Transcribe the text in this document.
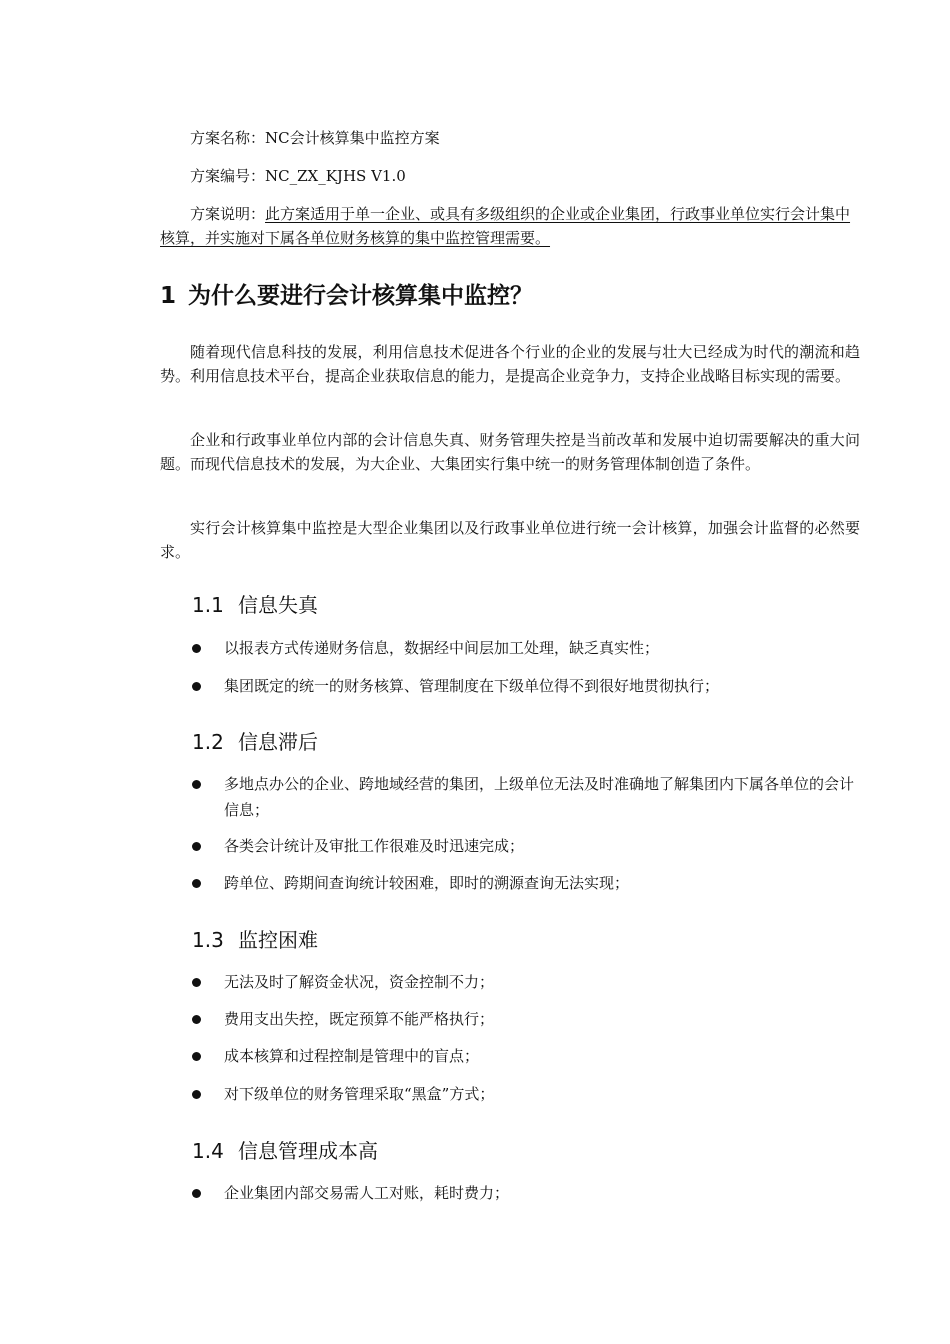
方案名称：NC会计核算集中监控方案
方案编号：NC_ZX_KJHS V1.0
方案说明：此方案适用于单一企业、或具有多级组织的企业或企业集团，行政事业单位实行会计集中核算，并实施对下属各单位财务核算的集中监控管理需要。
1 为什么要进行会计核算集中监控？
随着现代信息科技的发展，利用信息技术促进各个行业的企业的发展与壮大已经成为时代的潮流和趋势。利用信息技术平台，提高企业获取信息的能力，是提高企业竞争力，支持企业战略目标实现的需要。
企业和行政事业单位内部的会计信息失真、财务管理失控是当前改革和发展中迫切需要解决的重大问题。而现代信息技术的发展，为大企业、大集团实行集中统一的财务管理体制创造了条件。
实行会计核算集中监控是大型企业集团以及行政事业单位进行统一会计核算，加强会计监督的必然要求。
1.1 信息失真
以报表方式传递财务信息，数据经中间层加工处理，缺乏真实性；
集团既定的统一的财务核算、管理制度在下级单位得不到很好地贯彻执行；
1.2 信息滞后
多地点办公的企业、跨地域经营的集团，上级单位无法及时准确地了解集团内下属各单位的会计信息；
各类会计统计及审批工作很难及时迅速完成；
跨单位、跨期间查询统计较困难，即时的溯源查询无法实现；
1.3 监控困难
无法及时了解资金状况，资金控制不力；
费用支出失控，既定预算不能严格执行；
成本核算和过程控制是管理中的盲点；
对下级单位的财务管理采取“黑盒”方式；
1.4 信息管理成本高
企业集团内部交易需人工对账，耗时费力；
